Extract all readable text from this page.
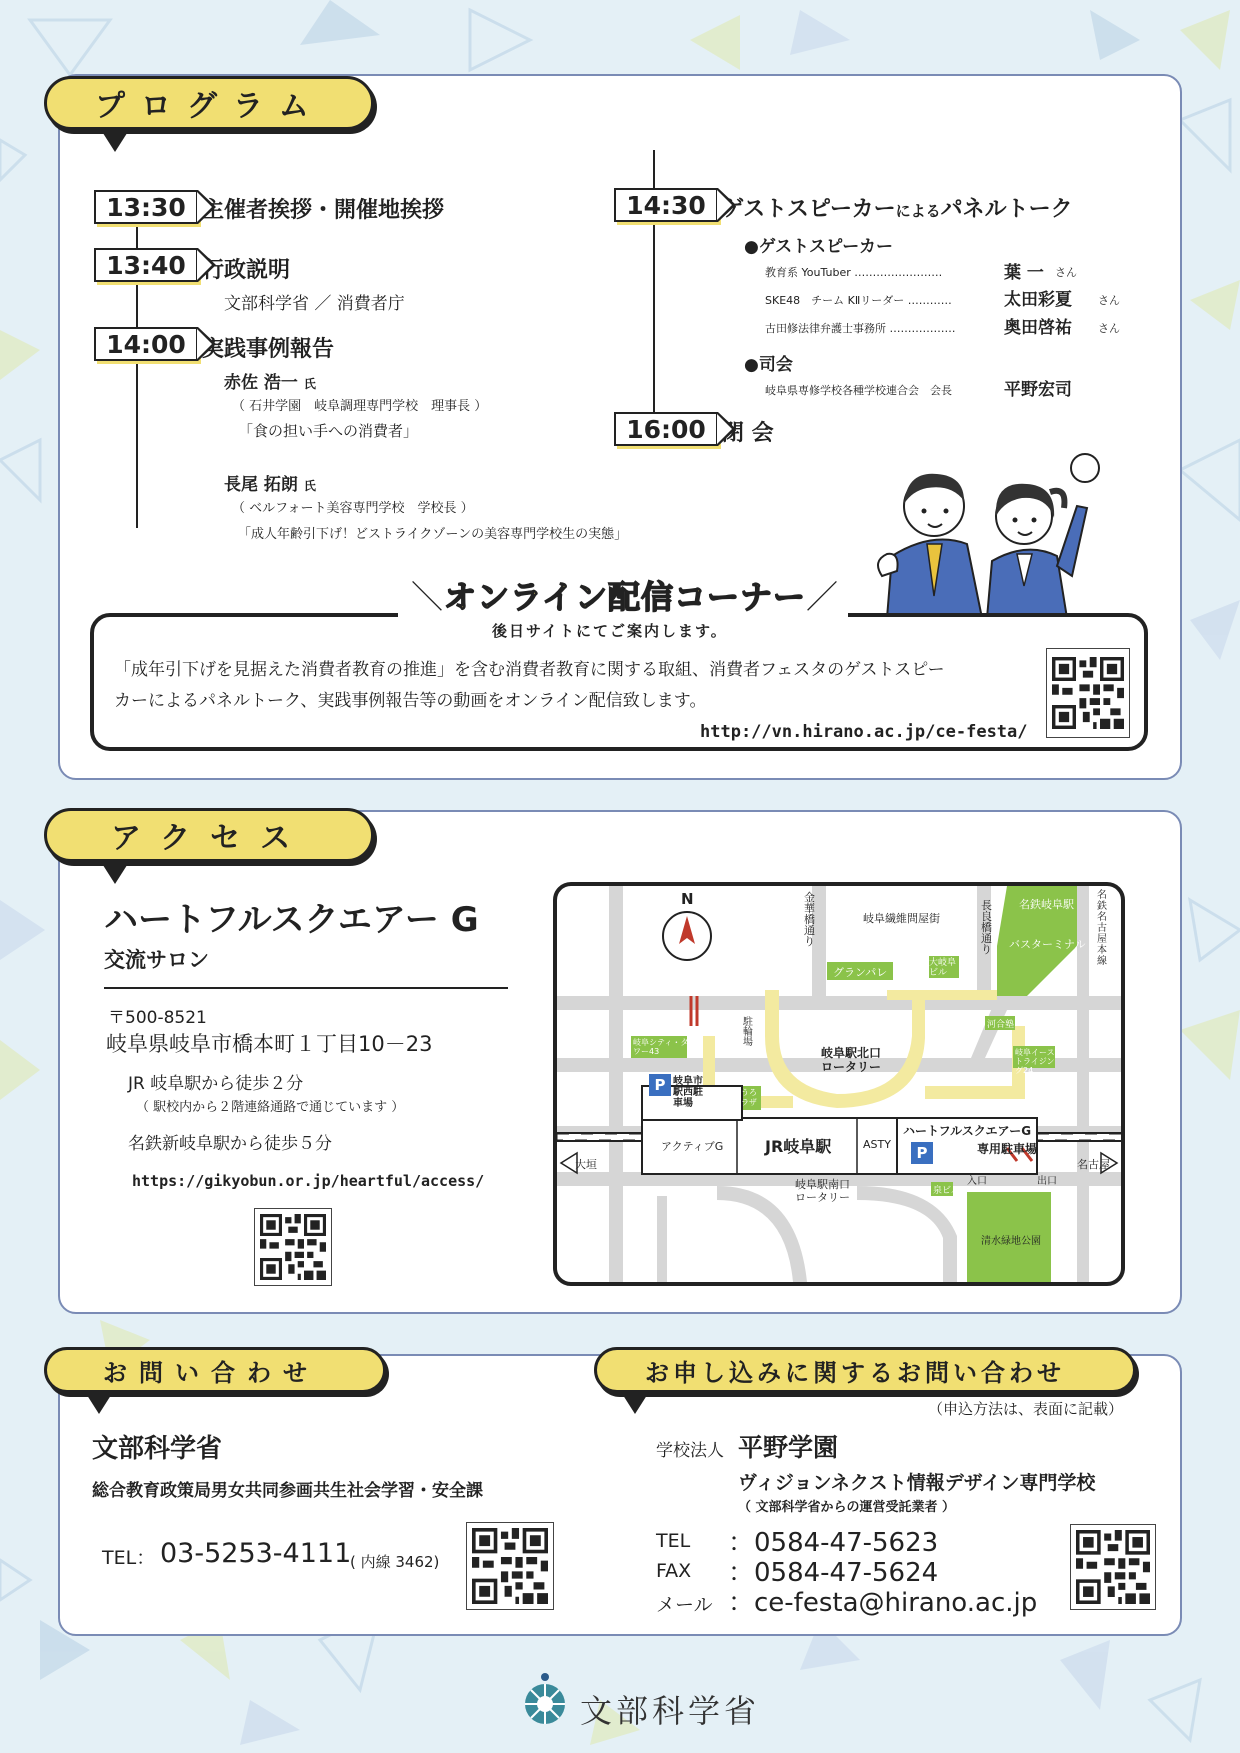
プログラム
13:30 主催者挨拶・開催地挨拶
13:40 行政説明
文部科学省 ／ 消費者庁
14:00 実践事例報告
赤佐 浩一 氏
（ 石井学園　岐阜調理専門学校　理事長 ）
「食の担い手への消費者」
長尾 拓朗 氏
（ ベルフォート美容専門学校　学校長 ）
「成人年齢引下げ！どストライクゾーンの美容専門学校生の実態」
14:30 ゲストスピーカーによるパネルトーク
●ゲストスピーカー
教育系 YouTuber ……………………	葉 一 さん
SKE48　チーム KⅡリーダー …………	太田彩夏 さん
古田修法律弁護士事務所 ………………	奥田啓祐 さん
●司会
岐阜県専修学校各種学校連合会　会長	平野宏司
16:00 閉 会
＼オンライン配信コーナー／
後日サイトにてご案内します。
「成年引下げを見据えた消費者教育の推進」を含む消費者教育に関する取組、消費者フェスタのゲストスピー
カーによるパネルトーク、実践事例報告等の動画をオンライン配信致します。
http://vn.hirano.ac.jp/ce-festa/
アクセス
ハートフルスクエアー G
交流サロン
〒500-8521
岐阜県岐阜市橋本町１丁目10－23
JR 岐阜駅から徒歩２分
（ 駅校内から２階連絡通路で通じています ）
名鉄新岐阜駅から徒歩５分
https://gikyobun.or.jp/heartful/access/
N	金華橋通り
岐阜繊維問屋街
長良橋通り
名鉄岐阜駅
名鉄名古屋本線
バスターミナル
グランパレ
大岐阜ビル
岐阜シティ・タワー43
駐輪場
岐阜駅北口ロータリー
河合塾
岐阜イーストライジング24
P 岐阜市駅西駐車場
じゅうろくプラザ
アクティブG	JR岐阜駅	ASTY
ハートフルスクエアーG
P	専用駐車場
入口	出口
大垣	名古屋
岐阜駅南口ロータリー	泉ビル
清水緑地公園
お問い合わせ	お申し込みに関するお問い合わせ
文部科学省
総合教育政策局男女共同参画共生社会学習・安全課
TEL： 03-5253-4111
( 内線 3462)
（申込方法は、表面に記載）
学校法人 平野学園
ヴィジョンネクスト情報デザイン専門学校
（ 文部科学省からの運営受託業者 ）
TEL ：0584-47-5623
FAX ：0584-47-5624
メール ：ce-festa@hirano.ac.jp
文部科学省
